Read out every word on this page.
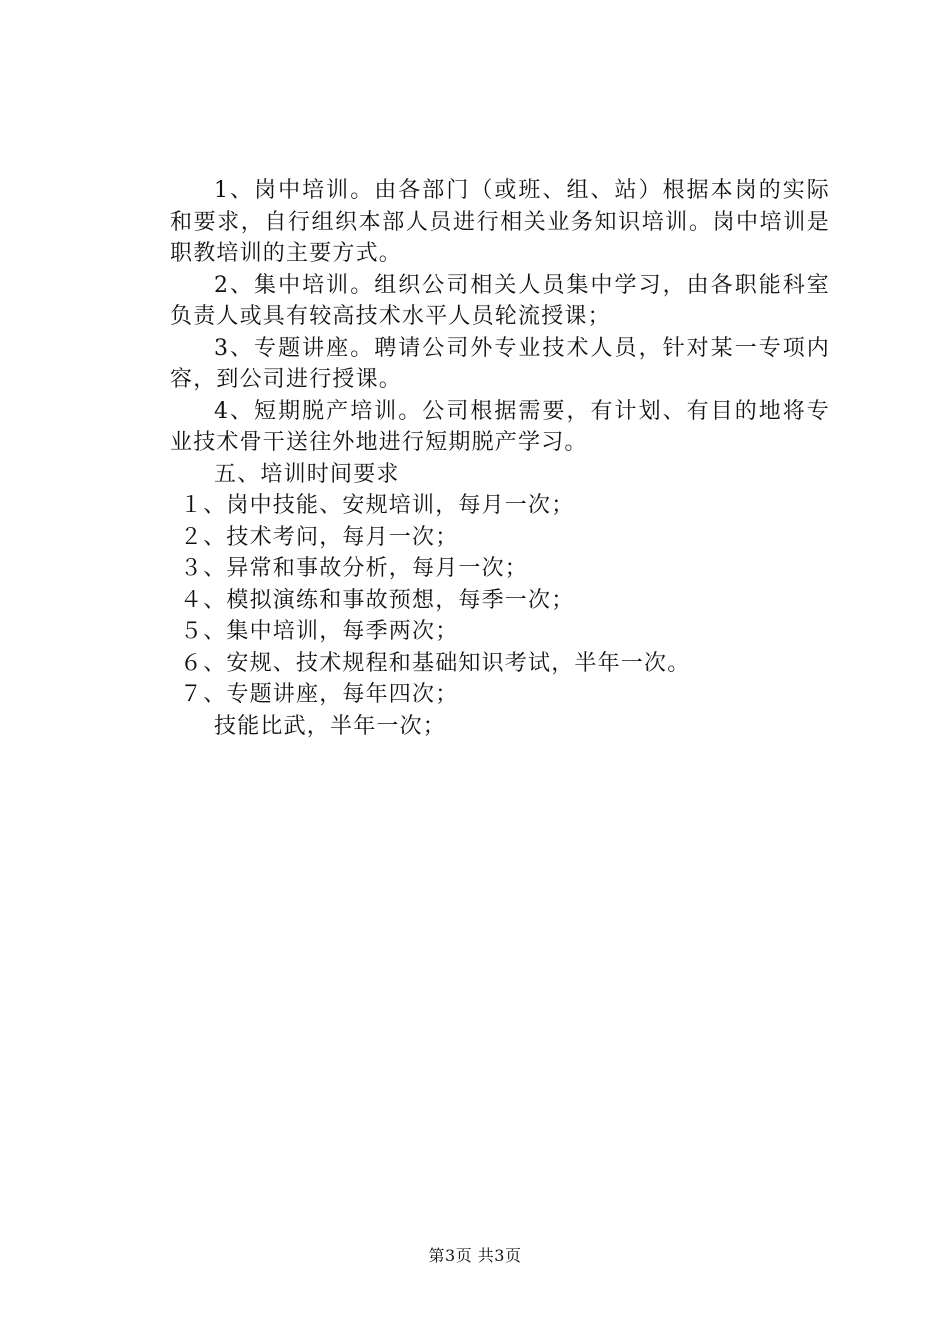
1、岗中培训。由各部门（或班、组、站）根据本岗的实际和要求，自行组织本部人员进行相关业务知识培训。岗中培训是职教培训的主要方式。

2、集中培训。组织公司相关人员集中学习，由各职能科室负责人或具有较高技术水平人员轮流授课；

3、专题讲座。聘请公司外专业技术人员，针对某一专项内容，到公司进行授课。

4、短期脱产培训。公司根据需要，有计划、有目的地将专业技术骨干送往外地进行短期脱产学习。

五、培训时间要求

１、岗中技能、安规培训，每月一次；

２、技术考问，每月一次；

３、异常和事故分析，每月一次；

４、模拟演练和事故预想，每季一次；

５、集中培训，每季两次；

６、安规、技术规程和基础知识考试，半年一次。

７、专题讲座，每年四次；

技能比武，半年一次；

第3页 共3页
